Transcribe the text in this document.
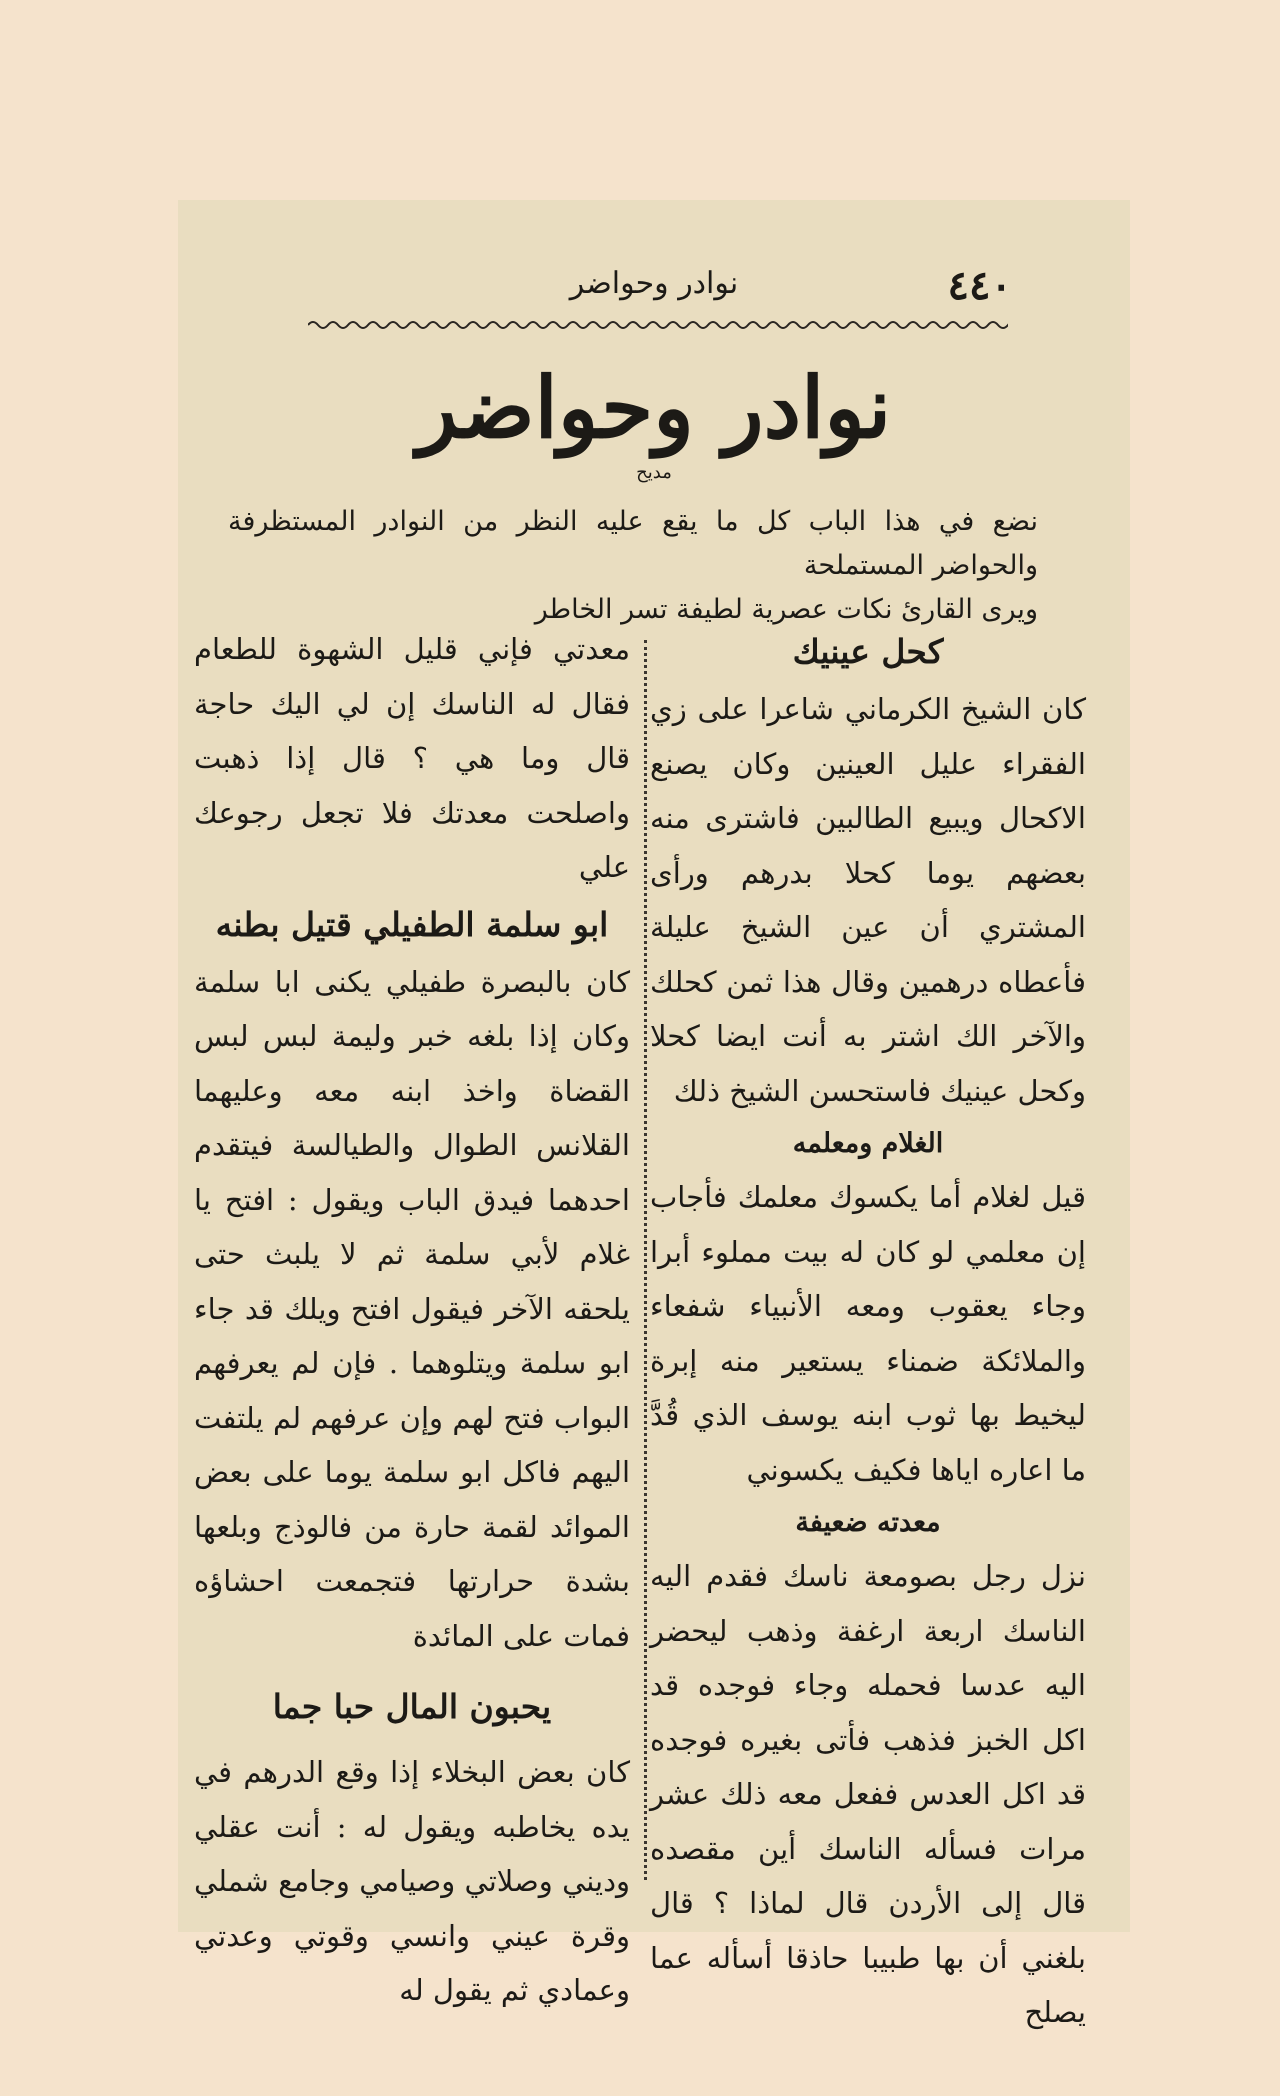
٤٤٠
نوادر وحواضر
نوادر وحواضر
مديح

نضع في هذا الباب كل ما يقع عليه النظر من النوادر المستظرفة والحواضر المستملحة

ويرى القارئ نكات عصرية لطيفة تسر الخاطر

كحل عينيك

كان الشيخ الكرماني شاعرا على زي الفقراء عليل العينين وكان يصنع الاكحال ويبيع الطالبين فاشترى منه بعضهم يوما كحلا بدرهم ورأى المشتري أن عين الشيخ عليلة فأعطاه درهمين وقال هذا ثمن كحلك والآخر الك اشتر به أنت ايضا كحلا وكحل عينيك فاستحسن الشيخ ذلك

الغلام ومعلمه

قيل لغلام أما يكسوك معلمك فأجاب إن معلمي لو كان له بيت مملوء أبرا وجاء يعقوب ومعه الأنبياء شفعاء والملائكة ضمناء يستعير منه إبرة ليخيط بها ثوب ابنه يوسف الذي قُدَّ ما اعاره اياها فكيف يكسوني

معدته ضعيفة

نزل رجل بصومعة ناسك فقدم اليه الناسك اربعة ارغفة وذهب ليحضر اليه عدسا فحمله وجاء فوجده قد اكل الخبز فذهب فأتى بغيره فوجده قد اكل العدس ففعل معه ذلك عشر مرات فسأله الناسك أين مقصده قال إلى الأردن قال لماذا ؟ قال بلغني أن بها طبيبا حاذقا أسأله عما يصلح

معدتي فإني قليل الشهوة للطعام فقال له الناسك إن لي اليك حاجة قال وما هي ؟ قال إذا ذهبت واصلحت معدتك فلا تجعل رجوعك علي

ابو سلمة الطفيلي قتيل بطنه

كان بالبصرة طفيلي يكنى ابا سلمة وكان إذا بلغه خبر وليمة لبس لبس القضاة واخذ ابنه معه وعليهما القلانس الطوال والطيالسة فيتقدم احدهما فيدق الباب ويقول : افتح يا غلام لأبي سلمة ثم لا يلبث حتى يلحقه الآخر فيقول افتح ويلك قد جاء ابو سلمة ويتلوهما . فإن لم يعرفهم البواب فتح لهم وإن عرفهم لم يلتفت اليهم فاكل ابو سلمة يوما على بعض الموائد لقمة حارة من فالوذج وبلعها بشدة حرارتها فتجمعت احشاؤه فمات على المائدة

يحبون المال حبا جما

كان بعض البخلاء إذا وقع الدرهم في يده يخاطبه ويقول له : أنت عقلي وديني وصلاتي وصيامي وجامع شملي وقرة عيني وانسي وقوتي وعدتي وعمادي ثم يقول له
